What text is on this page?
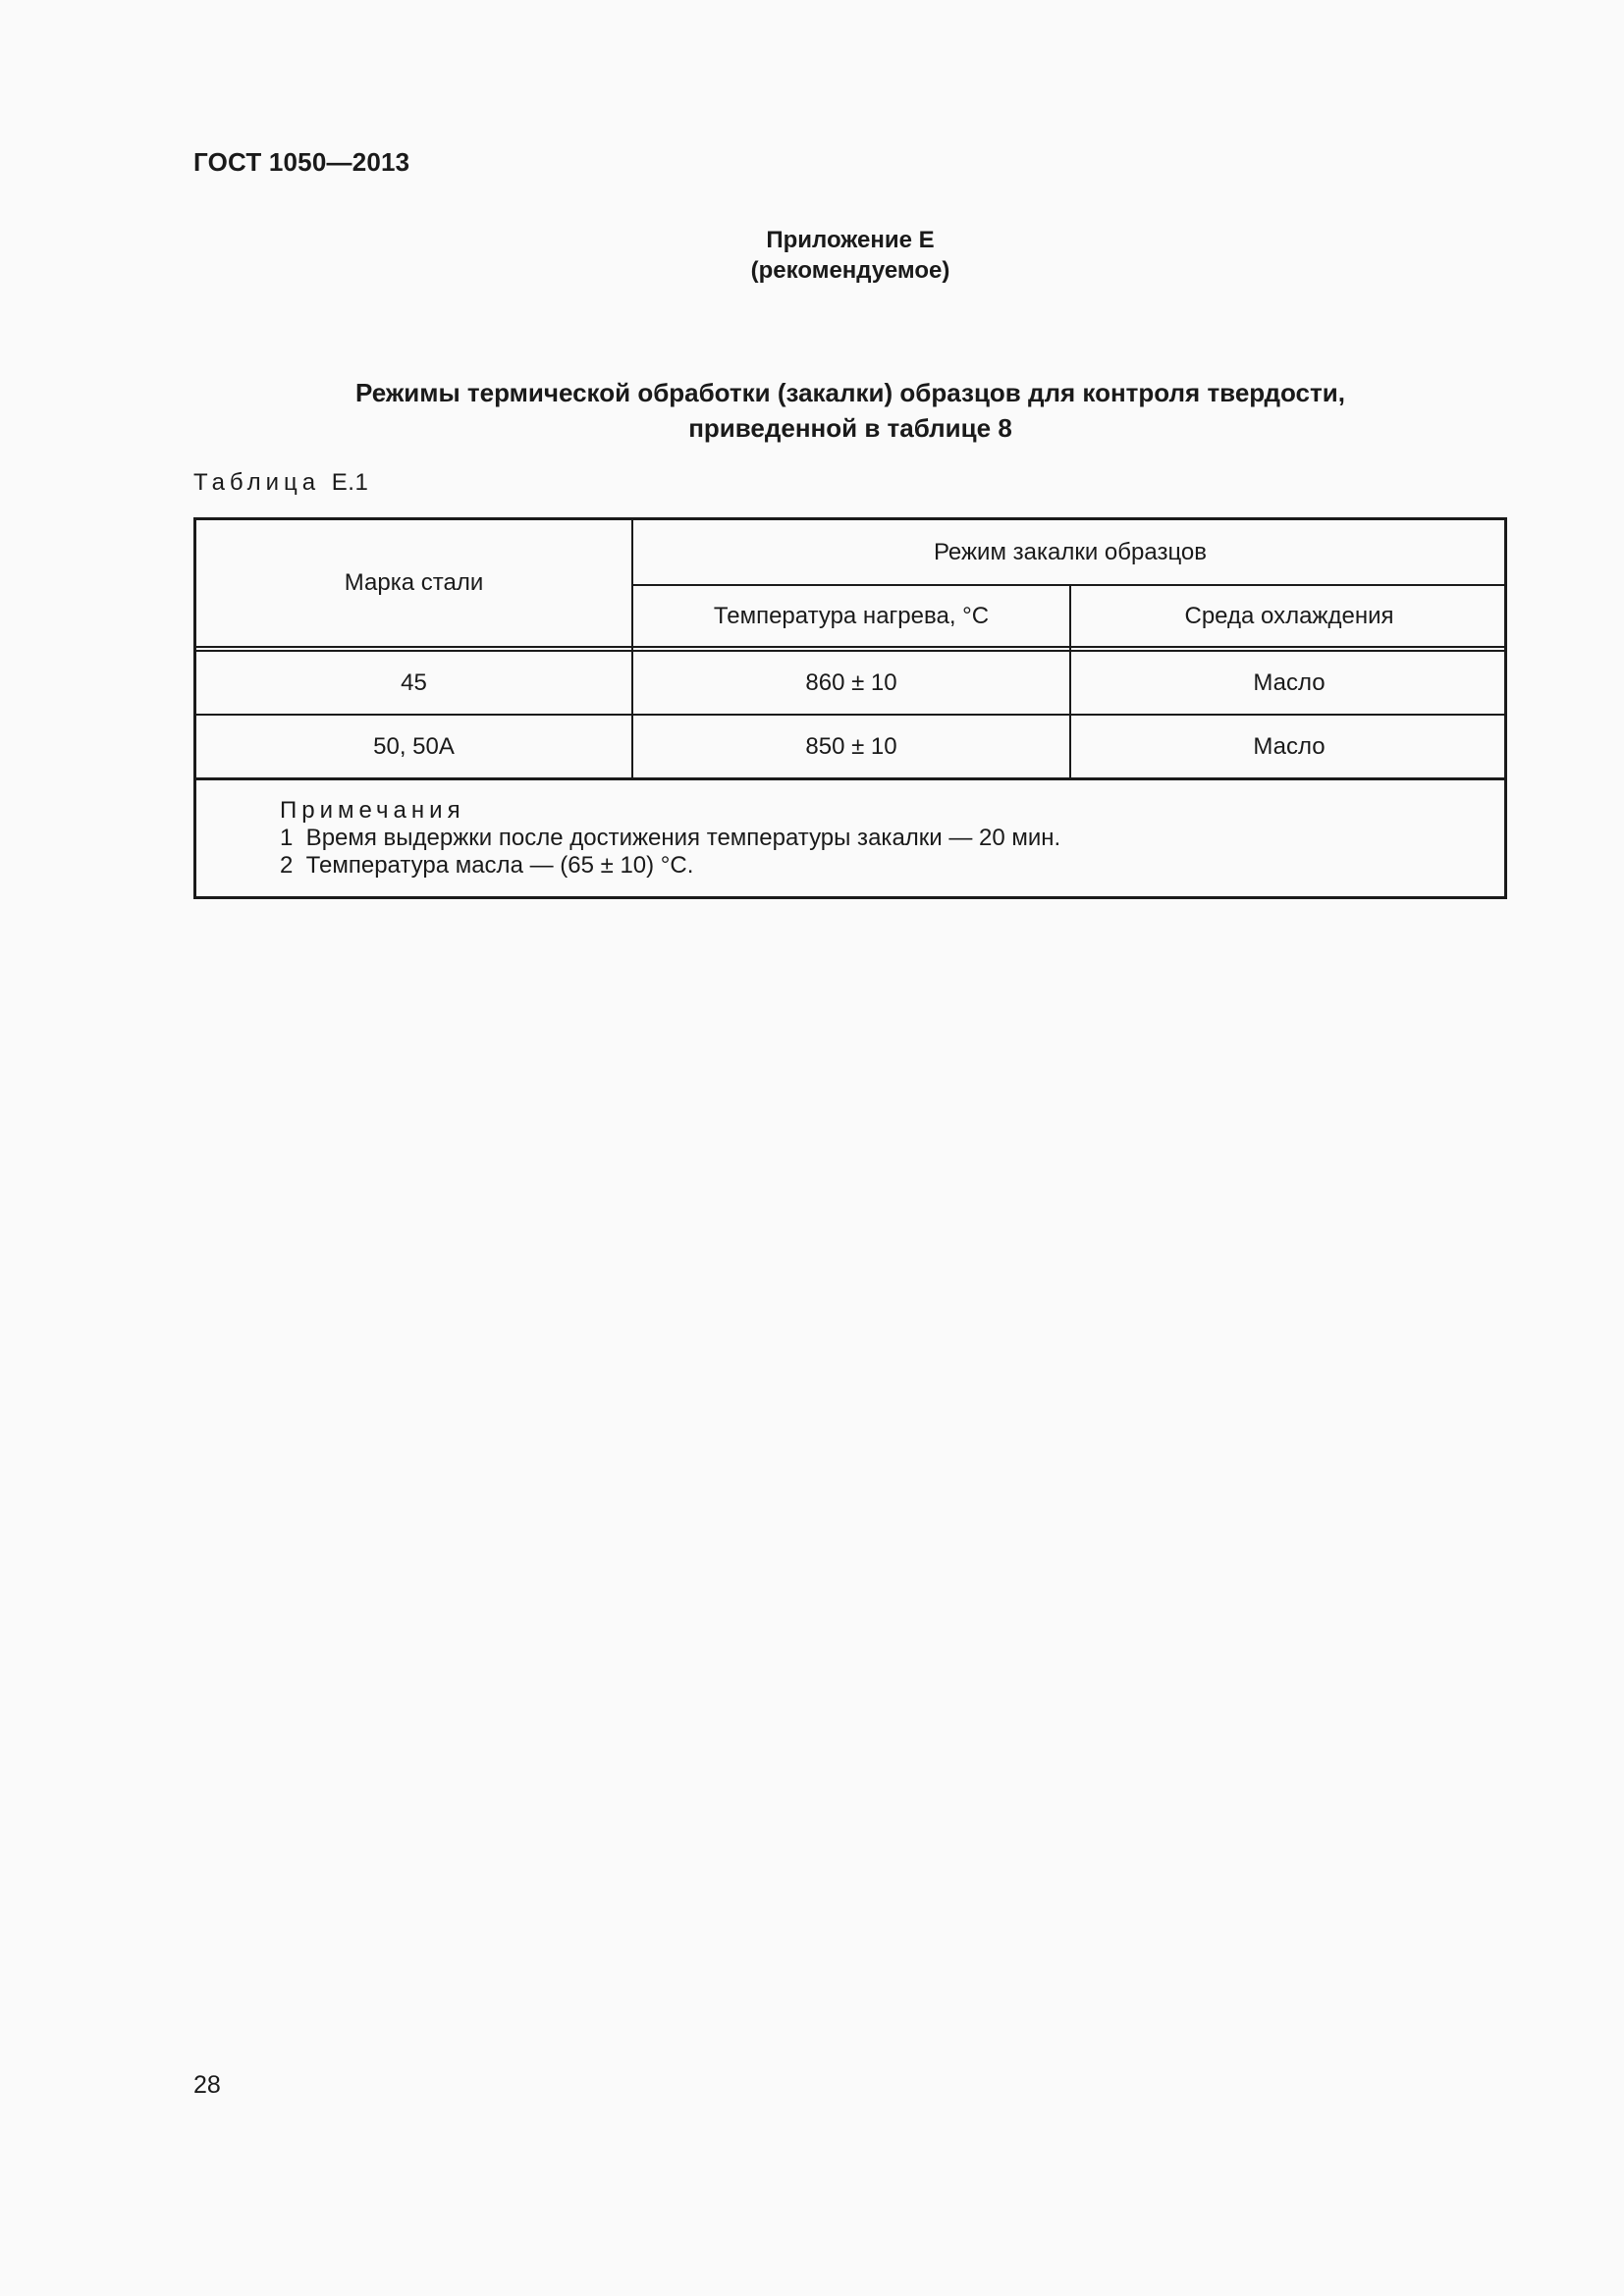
ГОСТ 1050—2013
Приложение Е
(рекомендуемое)
Режимы термической обработки (закалки) образцов для контроля твердости,
приведенной в таблице 8
Таблица Е.1
Марка стали
Режим закалки образцов
Температура нагрева, °С	Среда охлаждения
45	860 ± 10	Масло
50, 50А	850 ± 10	Масло
Примечания
1  Время выдержки после достижения температуры закалки — 20 мин.
2  Температура масла — (65 ± 10) °С.
28
